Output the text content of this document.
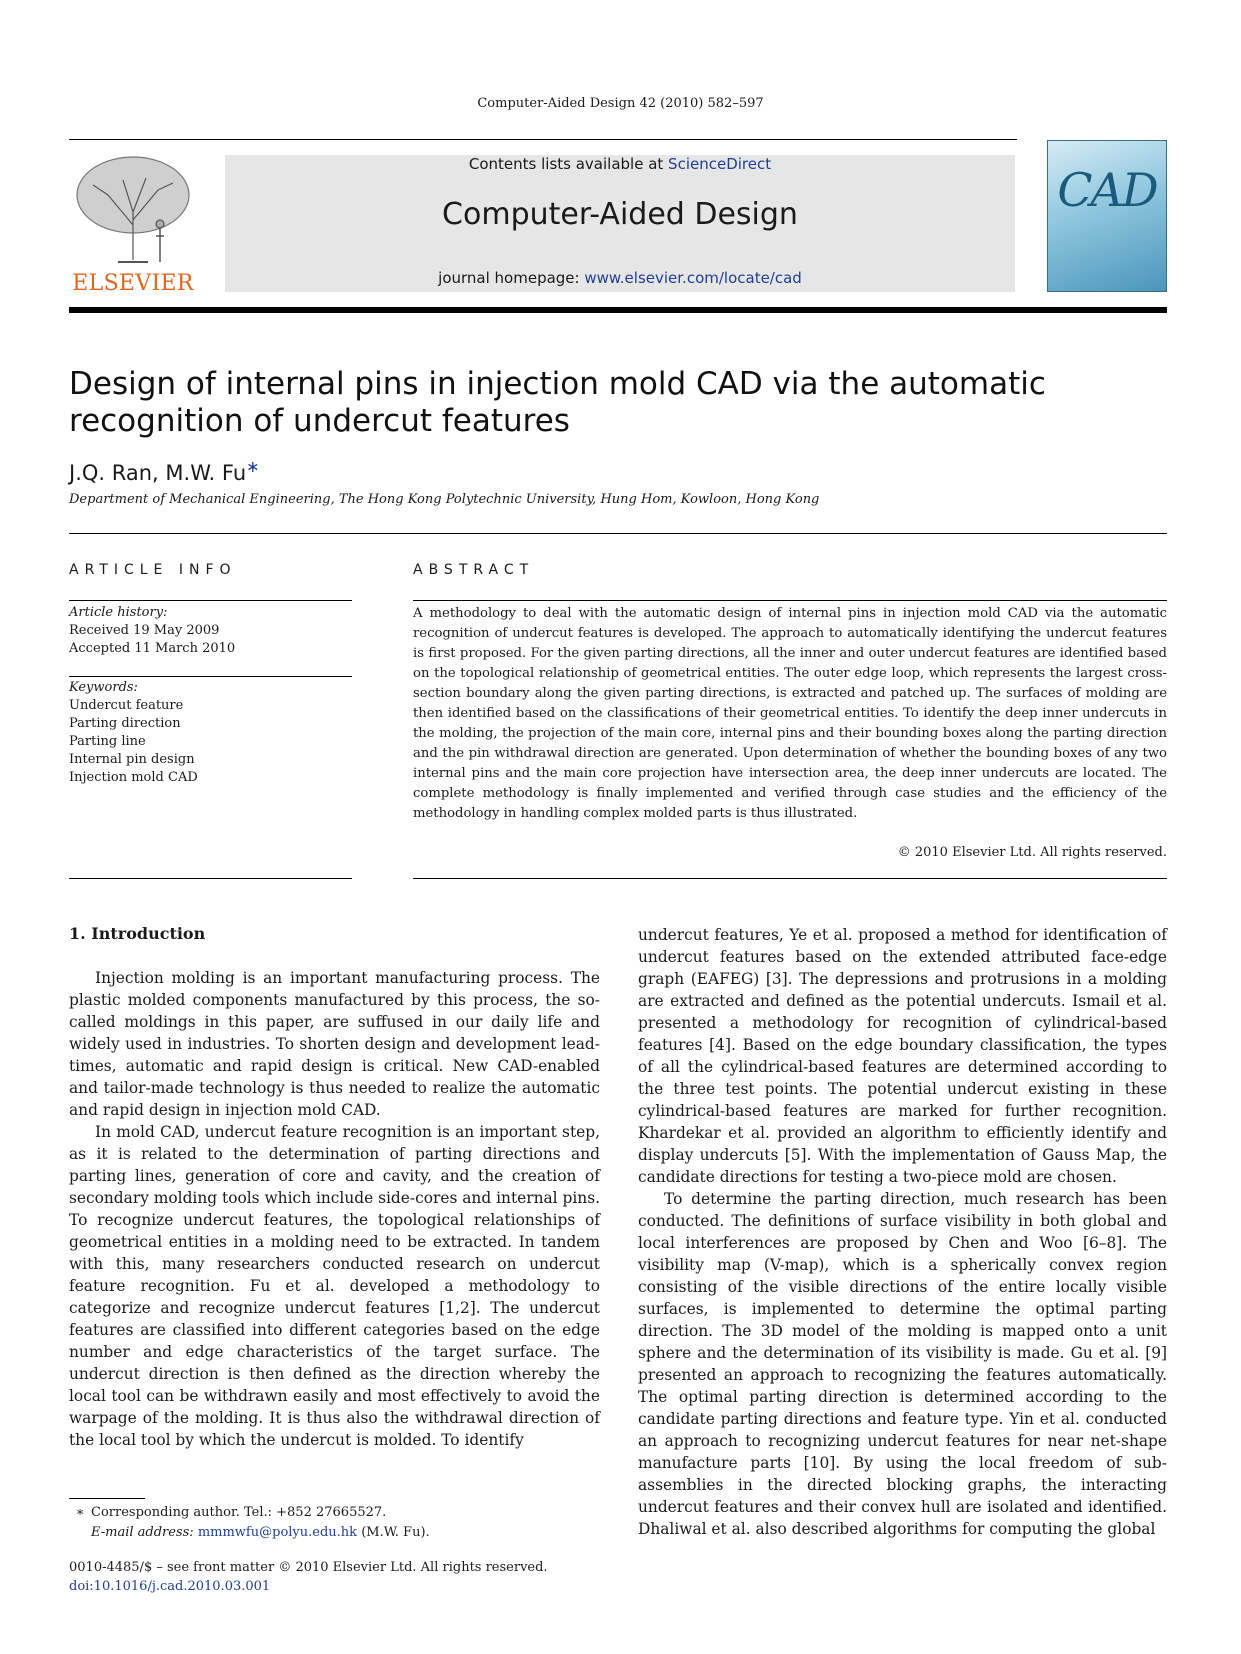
Computer-Aided Design 42 (2010) 582–597
ELSEVIER
Contents lists available at ScienceDirect
Computer-Aided Design
journal homepage: www.elsevier.com/locate/cad
CAD
Design of internal pins in injection mold CAD via the automatic recognition of undercut features
J.Q. Ran, M.W. Fu∗
Department of Mechanical Engineering, The Hong Kong Polytechnic University, Hung Hom, Kowloon, Hong Kong
ARTICLE INFO
Article history:
Received 19 May 2009
Accepted 11 March 2010
Keywords:
Undercut feature
Parting direction
Parting line
Internal pin design
Injection mold CAD
ABSTRACT
A methodology to deal with the automatic design of internal pins in injection mold CAD via the automatic recognition of undercut features is developed. The approach to automatically identifying the undercut features is first proposed. For the given parting directions, all the inner and outer undercut features are identified based on the topological relationship of geometrical entities. The outer edge loop, which represents the largest cross-section boundary along the given parting directions, is extracted and patched up. The surfaces of molding are then identified based on the classifications of their geometrical entities. To identify the deep inner undercuts in the molding, the projection of the main core, internal pins and their bounding boxes along the parting direction and the pin withdrawal direction are generated. Upon determination of whether the bounding boxes of any two internal pins and the main core projection have intersection area, the deep inner undercuts are located. The complete methodology is finally implemented and verified through case studies and the efficiency of the methodology in handling complex molded parts is thus illustrated.
© 2010 Elsevier Ltd. All rights reserved.
1. Introduction

Injection molding is an important manufacturing process. The plastic molded components manufactured by this process, the so-called moldings in this paper, are suffused in our daily life and widely used in industries. To shorten design and development lead-times, automatic and rapid design is critical. New CAD-enabled and tailor-made technology is thus needed to realize the automatic and rapid design in injection mold CAD.

In mold CAD, undercut feature recognition is an important step, as it is related to the determination of parting directions and parting lines, generation of core and cavity, and the creation of secondary molding tools which include side-cores and internal pins. To recognize undercut features, the topological relationships of geometrical entities in a molding need to be extracted. In tandem with this, many researchers conducted research on undercut feature recognition. Fu et al. developed a methodology to categorize and recognize undercut features [1,2]. The undercut features are classified into different categories based on the edge number and edge characteristics of the target surface. The undercut direction is then defined as the direction whereby the local tool can be withdrawn easily and most effectively to avoid the warpage of the molding. It is thus also the withdrawal direction of the local tool by which the undercut is molded. To identify

undercut features, Ye et al. proposed a method for identification of undercut features based on the extended attributed face-edge graph (EAFEG) [3]. The depressions and protrusions in a molding are extracted and defined as the potential undercuts. Ismail et al. presented a methodology for recognition of cylindrical-based features [4]. Based on the edge boundary classification, the types of all the cylindrical-based features are determined according to the three test points. The potential undercut existing in these cylindrical-based features are marked for further recognition. Khardekar et al. provided an algorithm to efficiently identify and display undercuts [5]. With the implementation of Gauss Map, the candidate directions for testing a two-piece mold are chosen.

To determine the parting direction, much research has been conducted. The definitions of surface visibility in both global and local interferences are proposed by Chen and Woo [6–8]. The visibility map (V-map), which is a spherically convex region consisting of the visible directions of the entire locally visible surfaces, is implemented to determine the optimal parting direction. The 3D model of the molding is mapped onto a unit sphere and the determination of its visibility is made. Gu et al. [9] presented an approach to recognizing the features automatically. The optimal parting direction is determined according to the candidate parting directions and feature type. Yin et al. conducted an approach to recognizing undercut features for near net-shape manufacture parts [10]. By using the local freedom of sub-assemblies in the directed blocking graphs, the interacting undercut features and their convex hull are isolated and identified. Dhaliwal et al. also described algorithms for computing the global

∗ Corresponding author. Tel.: +852 27665527.
E-mail address: mmmwfu@polyu.edu.hk (M.W. Fu).
0010-4485/$ – see front matter © 2010 Elsevier Ltd. All rights reserved.
doi:10.1016/j.cad.2010.03.001
